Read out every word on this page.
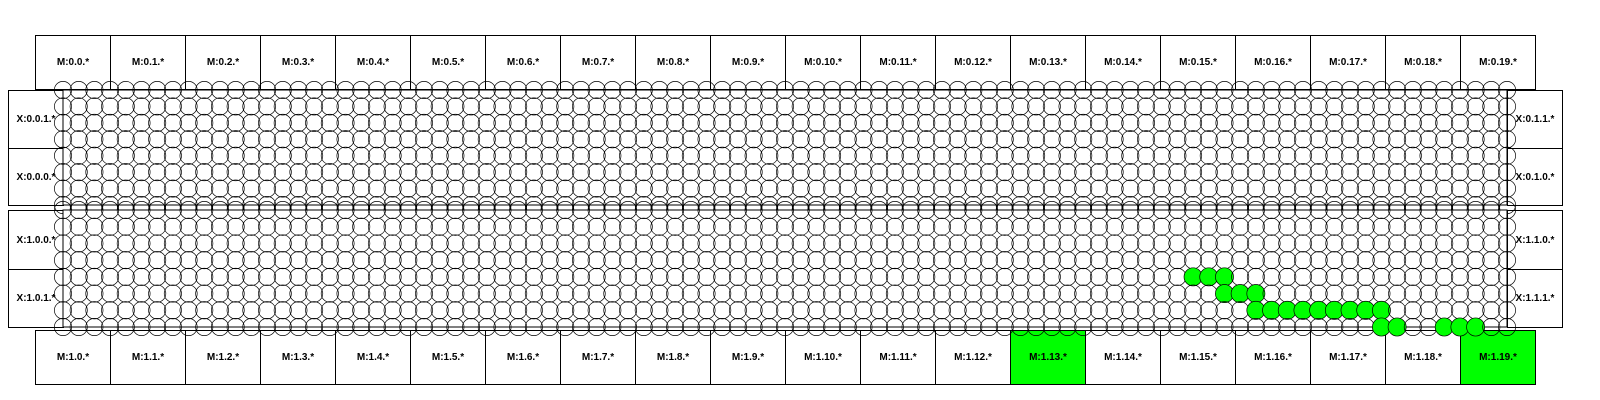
M:0.0.*	M:0.1.*	M:0.2.*	M:0.3.*	M:0.4.*	M:0.5.*	M:0.6.*	M:0.7.*	M:0.8.*	M:0.9.*	M:0.10.*	M:0.11.*	M:0.12.*	M:0.13.*	M:0.14.*	M:0.15.*	M:0.16.*	M:0.17.*	M:0.18.*	M:0.19.*
M:1.0.*	M:1.1.*	M:1.2.*	M:1.3.*	M:1.4.*	M:1.5.*	M:1.6.*	M:1.7.*	M:1.8.*	M:1.9.*	M:1.10.*	M:1.11.*	M:1.12.*	M:1.13.*	M:1.14.*	M:1.15.*	M:1.16.*	M:1.17.*	M:1.18.*	M:1.19.*
X:0.0.1.*
X:0.0.0.*
X:1.0.0.*
X:1.0.1.*
X:0.1.1.*
X:0.1.0.*
X:1.1.0.*
X:1.1.1.*
